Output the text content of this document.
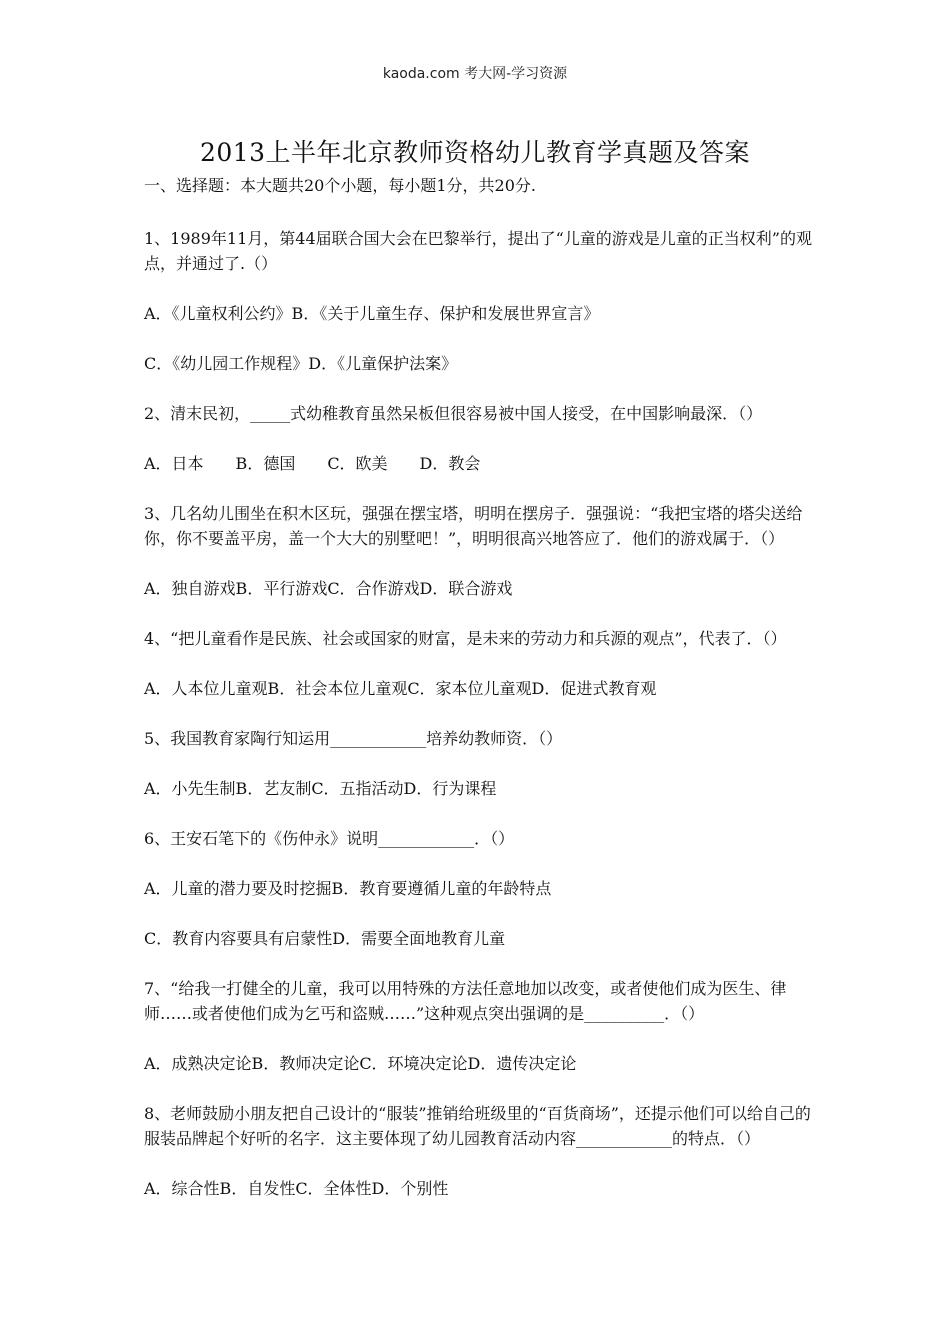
kaoda.com 考大网-学习资源
2013上半年北京教师资格幼儿教育学真题及答案

一、选择题：本大题共20个小题，每小题1分，共20分.

1、1989年11月，第44届联合国大会在巴黎举行，提出了“儿童的游戏是儿童的正当权利”的观点，并通过了.（）

A．《儿童权利公约》B．《关于儿童生存、保护和发展世界宣言》

C．《幼儿园工作规程》D．《儿童保护法案》

2、清末民初，_____式幼稚教育虽然呆板但很容易被中国人接受，在中国影响最深．（）

A．日本　　B．德国　　C．欧美　　D．教会

3、几名幼儿围坐在积木区玩，强强在摆宝塔，明明在摆房子．强强说：“我把宝塔的塔尖送给你，你不要盖平房，盖一个大大的别墅吧！”，明明很高兴地答应了．他们的游戏属于．（）

A．独自游戏B．平行游戏C．合作游戏D．联合游戏

4、“把儿童看作是民族、社会或国家的财富，是未来的劳动力和兵源的观点”，代表了．（）

A．人本位儿童观B．社会本位儿童观C．家本位儿童观D．促进式教育观

5、我国教育家陶行知运用____________培养幼教师资．（）

A．小先生制B．艺友制C．五指活动D．行为课程

6、王安石笔下的《伤仲永》说明____________．（）

A．儿童的潜力要及时挖掘B．教育要遵循儿童的年龄特点

C．教育内容要具有启蒙性D．需要全面地教育儿童

7、“给我一打健全的儿童，我可以用特殊的方法任意地加以改变，或者使他们成为医生、律师……或者使他们成为乞丐和盗贼……”这种观点突出强调的是__________．（）

A．成熟决定论B．教师决定论C．环境决定论D．遗传决定论

8、老师鼓励小朋友把自己设计的“服装”推销给班级里的“百货商场”，还提示他们可以给自己的服装品牌起个好听的名字．这主要体现了幼儿园教育活动内容____________的特点．（）

A．综合性B．自发性C．全体性D．个别性
